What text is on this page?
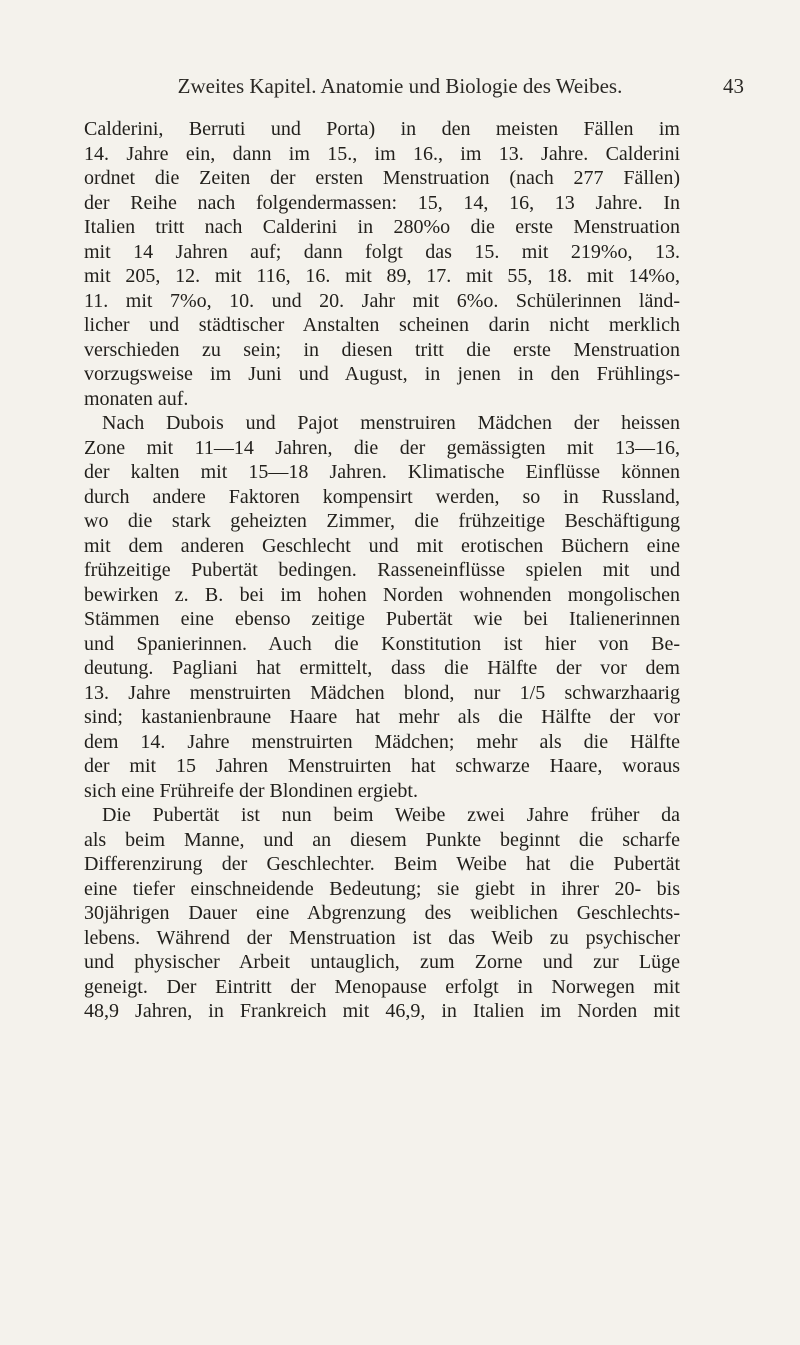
Zweites Kapitel. Anatomie und Biologie des Weibes.	43
Calderini, Berruti und Porta) in den meisten Fällen im
14. Jahre ein, dann im 15., im 16., im 13. Jahre. Calderini
ordnet die Zeiten der ersten Menstruation (nach 277 Fällen)
der Reihe nach folgendermassen: 15, 14, 16, 13 Jahre. In
Italien tritt nach Calderini in 280%o die erste Menstruation
mit 14 Jahren auf; dann folgt das 15. mit 219%o, 13.
mit 205, 12. mit 116, 16. mit 89, 17. mit 55, 18. mit 14%o,
11. mit 7%o, 10. und 20. Jahr mit 6%o. Schülerinnen länd-
licher und städtischer Anstalten scheinen darin nicht merklich
verschieden zu sein; in diesen tritt die erste Menstruation
vorzugsweise im Juni und August, in jenen in den Frühlings-
monaten auf.
Nach Dubois und Pajot menstruiren Mädchen der heissen
Zone mit 11—14 Jahren, die der gemässigten mit 13—16,
der kalten mit 15—18 Jahren. Klimatische Einflüsse können
durch andere Faktoren kompensirt werden, so in Russland,
wo die stark geheizten Zimmer, die frühzeitige Beschäftigung
mit dem anderen Geschlecht und mit erotischen Büchern eine
frühzeitige Pubertät bedingen. Rasseneinflüsse spielen mit und
bewirken z. B. bei im hohen Norden wohnenden mongolischen
Stämmen eine ebenso zeitige Pubertät wie bei Italienerinnen
und Spanierinnen. Auch die Konstitution ist hier von Be-
deutung. Pagliani hat ermittelt, dass die Hälfte der vor dem
13. Jahre menstruirten Mädchen blond, nur 1/5 schwarzhaarig
sind; kastanienbraune Haare hat mehr als die Hälfte der vor
dem 14. Jahre menstruirten Mädchen; mehr als die Hälfte
der mit 15 Jahren Menstruirten hat schwarze Haare, woraus
sich eine Frühreife der Blondinen ergiebt.
Die Pubertät ist nun beim Weibe zwei Jahre früher da
als beim Manne, und an diesem Punkte beginnt die scharfe
Differenzirung der Geschlechter. Beim Weibe hat die Pubertät
eine tiefer einschneidende Bedeutung; sie giebt in ihrer 20- bis
30jährigen Dauer eine Abgrenzung des weiblichen Geschlechts-
lebens. Während der Menstruation ist das Weib zu psychischer
und physischer Arbeit untauglich, zum Zorne und zur Lüge
geneigt. Der Eintritt der Menopause erfolgt in Norwegen mit
48,9 Jahren, in Frankreich mit 46,9, in Italien im Norden mit
